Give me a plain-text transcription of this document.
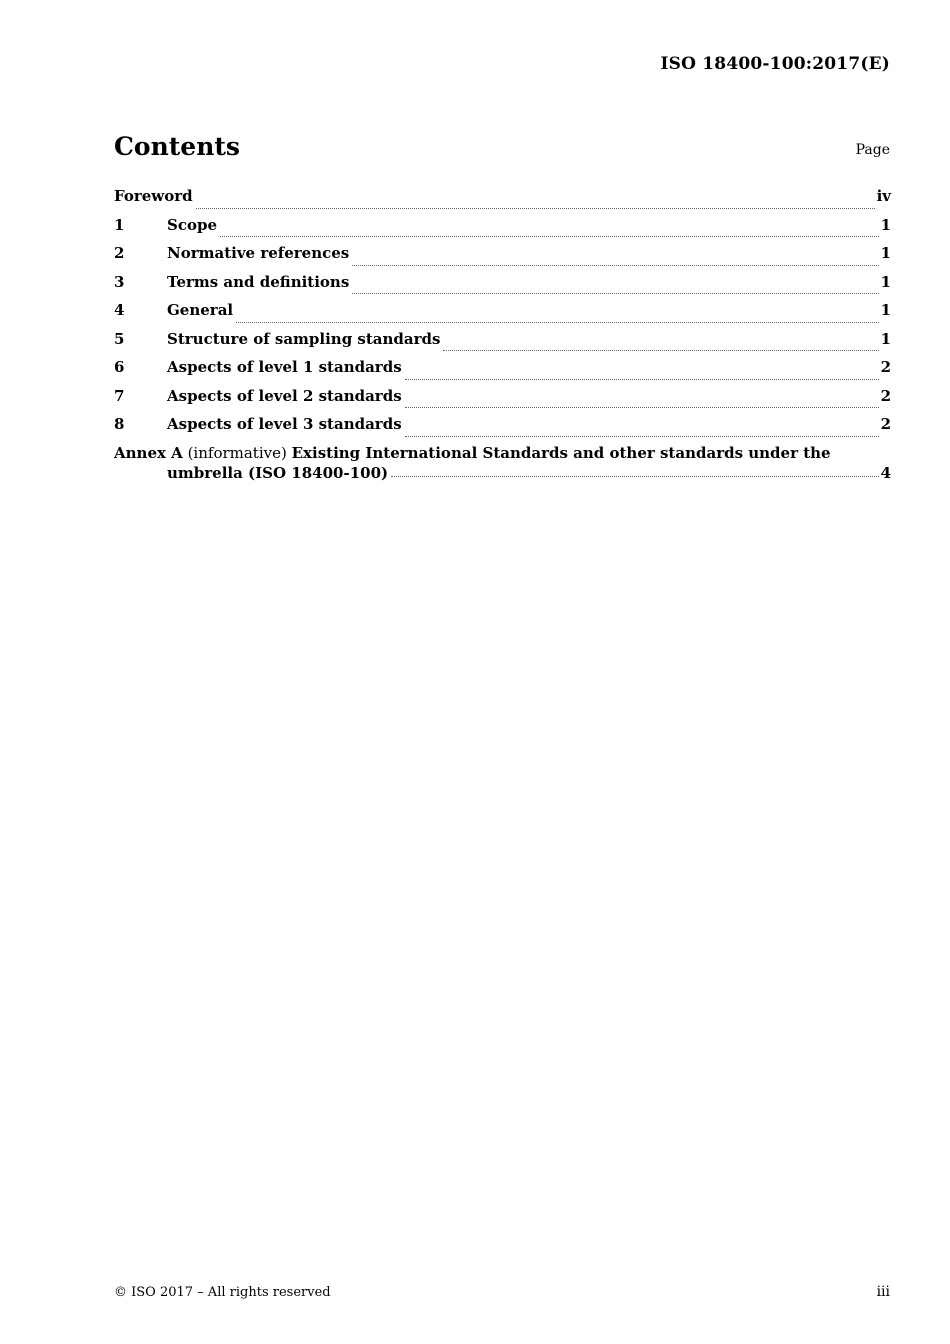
ISO 18400-100:2017(E)
Contents	Page
Foreword	iv
1	Scope	1
2	Normative references	1
3	Terms and definitions	1
4	General	1
5	Structure of sampling standards	1
6	Aspects of level 1 standards	2
7	Aspects of level 2 standards	2
8	Aspects of level 3 standards	2
Annex A (informative) Existing International Standards and other standards under the
umbrella (ISO 18400-100)	4
© ISO 2017 – All rights reserved	iii
